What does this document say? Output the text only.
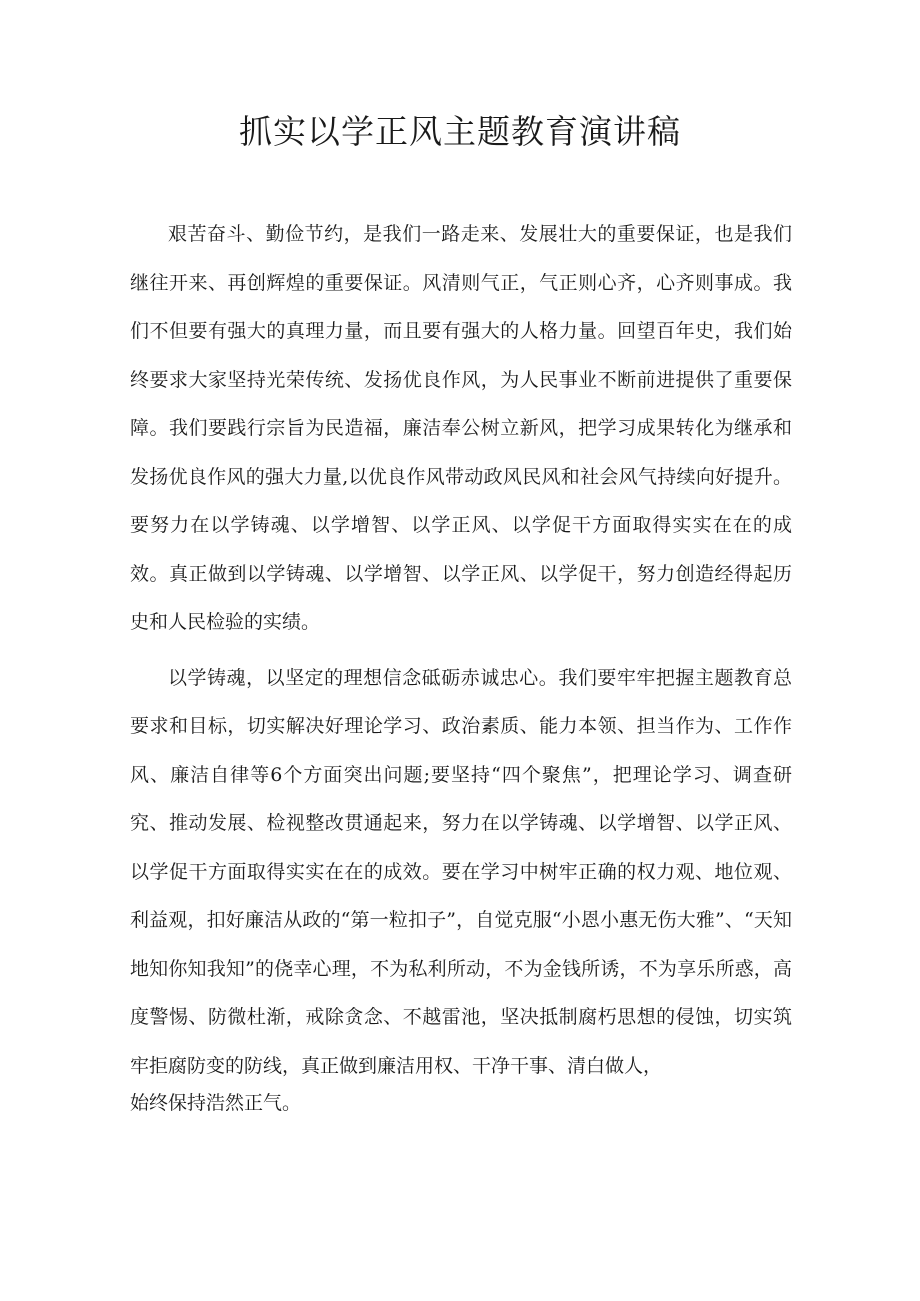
抓实以学正风主题教育演讲稿

艰苦奋斗、勤俭节约，是我们一路走来、发展壮大的重要保证，也是我们继往开来、再创辉煌的重要保证。风清则气正，气正则心齐，心齐则事成。我们不但要有强大的真理力量，而且要有强大的人格力量。回望百年史，我们始终要求大家坚持光荣传统、发扬优良作风，为人民事业不断前进提供了重要保障。我们要践行宗旨为民造福，廉洁奉公树立新风，把学习成果转化为继承和发扬优良作风的强大力量,以优良作风带动政风民风和社会风气持续向好提升。要努力在以学铸魂、以学增智、以学正风、以学促干方面取得实实在在的成效。真正做到以学铸魂、以学增智、以学正风、以学促干，努力创造经得起历史和人民检验的实绩。

以学铸魂，以坚定的理想信念砥砺赤诚忠心。我们要牢牢把握主题教育总要求和目标，切实解决好理论学习、政治素质、能力本领、担当作为、工作作风、廉洁自律等6个方面突出问题;要坚持“四个聚焦”，把理论学习、调查研究、推动发展、检视整改贯通起来，努力在以学铸魂、以学增智、以学正风、以学促干方面取得实实在在的成效。要在学习中树牢正确的权力观、地位观、利益观，扣好廉洁从政的“第一粒扣子”，自觉克服“小恩小惠无伤大雅”、“天知地知你知我知”的侥幸心理，不为私利所动，不为金钱所诱，不为享乐所惑，高度警惕、防微杜渐，戒除贪念、不越雷池，坚决抵制腐朽思想的侵蚀，切实筑牢拒腐防变的防线，真正做到廉洁用权、干净干事、清白做人，

始终保持浩然正气。
